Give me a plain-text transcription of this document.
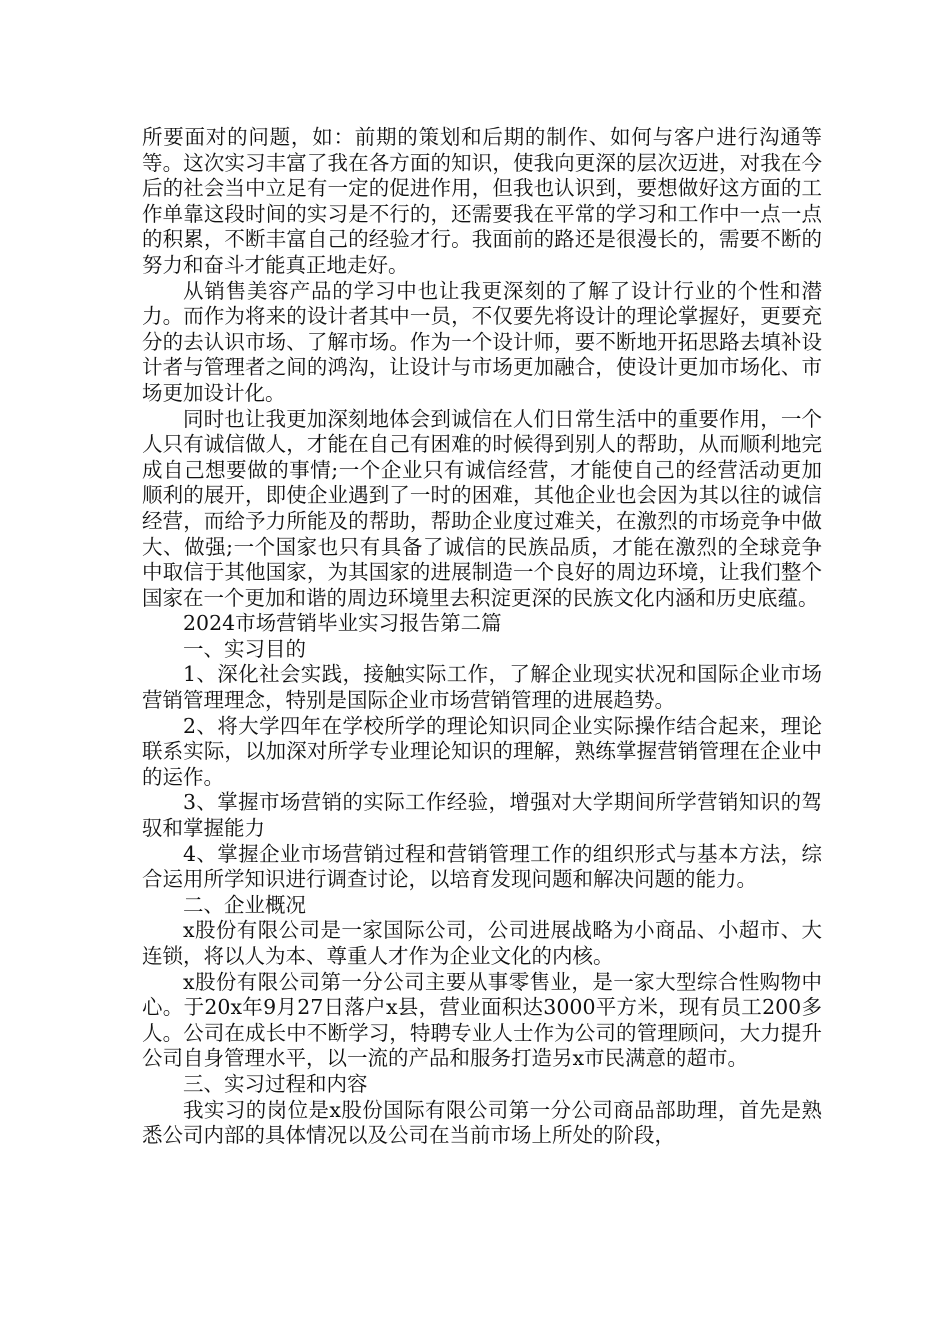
所要面对的问题，如：前期的策划和后期的制作、如何与客户进行沟通等等。这次实习丰富了我在各方面的知识，使我向更深的层次迈进，对我在今后的社会当中立足有一定的促进作用，但我也认识到，要想做好这方面的工作单靠这段时间的实习是不行的，还需要我在平常的学习和工作中一点一点的积累，不断丰富自己的经验才行。我面前的路还是很漫长的，需要不断的努力和奋斗才能真正地走好。

从销售美容产品的学习中也让我更深刻的了解了设计行业的个性和潜力。而作为将来的设计者其中一员，不仅要先将设计的理论掌握好，更要充分的去认识市场、了解市场。作为一个设计师，要不断地开拓思路去填补设计者与管理者之间的鸿沟，让设计与市场更加融合，使设计更加市场化、市场更加设计化。

同时也让我更加深刻地体会到诚信在人们日常生活中的重要作用，一个人只有诚信做人，才能在自己有困难的时候得到别人的帮助，从而顺利地完成自己想要做的事情;一个企业只有诚信经营，才能使自己的经营活动更加顺利的展开，即使企业遇到了一时的困难，其他企业也会因为其以往的诚信经营，而给予力所能及的帮助，帮助企业度过难关，在激烈的市场竞争中做大、做强;一个国家也只有具备了诚信的民族品质，才能在激烈的全球竞争中取信于其他国家，为其国家的进展制造一个良好的周边环境，让我们整个国家在一个更加和谐的周边环境里去积淀更深的民族文化内涵和历史底蕴。

2024市场营销毕业实习报告第二篇

一、实习目的

1、深化社会实践，接触实际工作，了解企业现实状况和国际企业市场营销管理理念，特别是国际企业市场营销管理的进展趋势。

2、将大学四年在学校所学的理论知识同企业实际操作结合起来，理论联系实际，以加深对所学专业理论知识的理解，熟练掌握营销管理在企业中的运作。

3、掌握市场营销的实际工作经验，增强对大学期间所学营销知识的驾驭和掌握能力

4、掌握企业市场营销过程和营销管理工作的组织形式与基本方法，综合运用所学知识进行调查讨论，以培育发现问题和解决问题的能力。

二、企业概况

x股份有限公司是一家国际公司，公司进展战略为小商品、小超市、大连锁，将以人为本、尊重人才作为企业文化的内核。

x股份有限公司第一分公司主要从事零售业，是一家大型综合性购物中心。于20x年9月27日落户x县，营业面积达3000平方米，现有员工200多人。公司在成长中不断学习，特聘专业人士作为公司的管理顾问，大力提升公司自身管理水平，以一流的产品和服务打造另x市民满意的超市。

三、实习过程和内容

我实习的岗位是x股份国际有限公司第一分公司商品部助理，首先是熟悉公司内部的具体情况以及公司在当前市场上所处的阶段，
